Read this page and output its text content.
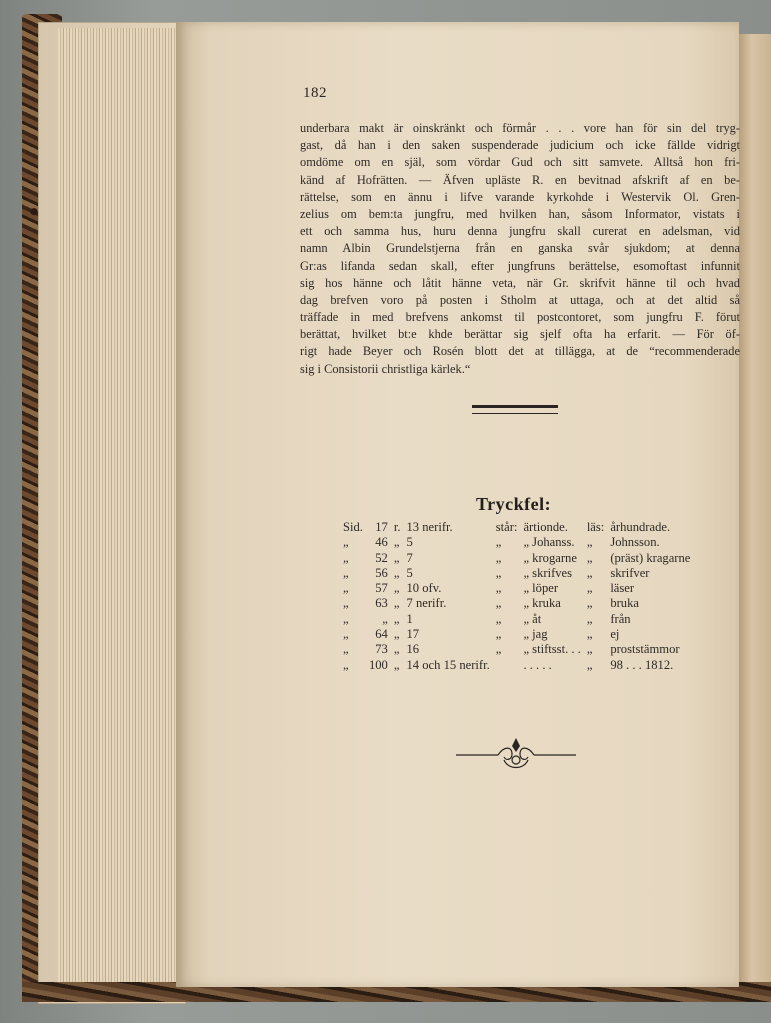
182
underbara makt är oinskränkt och förmår . . . vore han för sin del tryg-
gast, då han i den saken suspenderade judicium och icke fällde vidrigt
omdöme om en själ, som vördar Gud och sitt samvete. Alltså hon fri-
känd af Hofrätten. — Äfven upläste R. en bevitnad afskrift af en be-
rättelse, som en ännu i lifve varande kyrkohde i Westervik Ol. Gren-
zelius om bem:ta jungfru, med hvilken han, såsom Informator, vistats i
ett och samma hus, huru denna jungfru skall curerat en adelsman, vid
namn Albin Grundelstjerna från en ganska svår sjukdom; at denna
Gr:as lifanda sedan skall, efter jungfruns berättelse, esomoftast infunnit
sig hos hänne och låtit hänne veta, när Gr. skrifvit hänne til och hvad
dag brefven voro på posten i Stholm at uttaga, och at det altid så
träffade in med brefvens ankomst til postcontoret, som jungfru F. förut
berättat, hvilket bt:e khde berättar sig sjelf ofta ha erfarit. — För öf-
rigt hade Beyer och Rosén blott det at tillägga, at de “recommenderade
sig i Consistorii christliga kärlek.“
Tryckfel:
Sid.	17	r.	13 nerifr.	står:	ärtionde.	läs:	århundrade.
„	46	„	5	„	„ Johanss.	„	Johnsson.
„	52	„	7	„	„ krogarne	„	(präst) kragarne
„	56	„	5	„	„ skrifves	„	skrifver
„	57	„	10 ofv.	„	„ löper	„	läser
„	63	„	7 nerifr.	„	„ kruka	„	bruka
„	„	„	1	„	„ åt	„	från
„	64	„	17	„	„ jag	„	ej
„	73	„	16	„	„ stiftsst. . .	„	proststämmor
„	100	„	14 och 15 nerifr.		. . . . .	„	98 . . . 1812.
